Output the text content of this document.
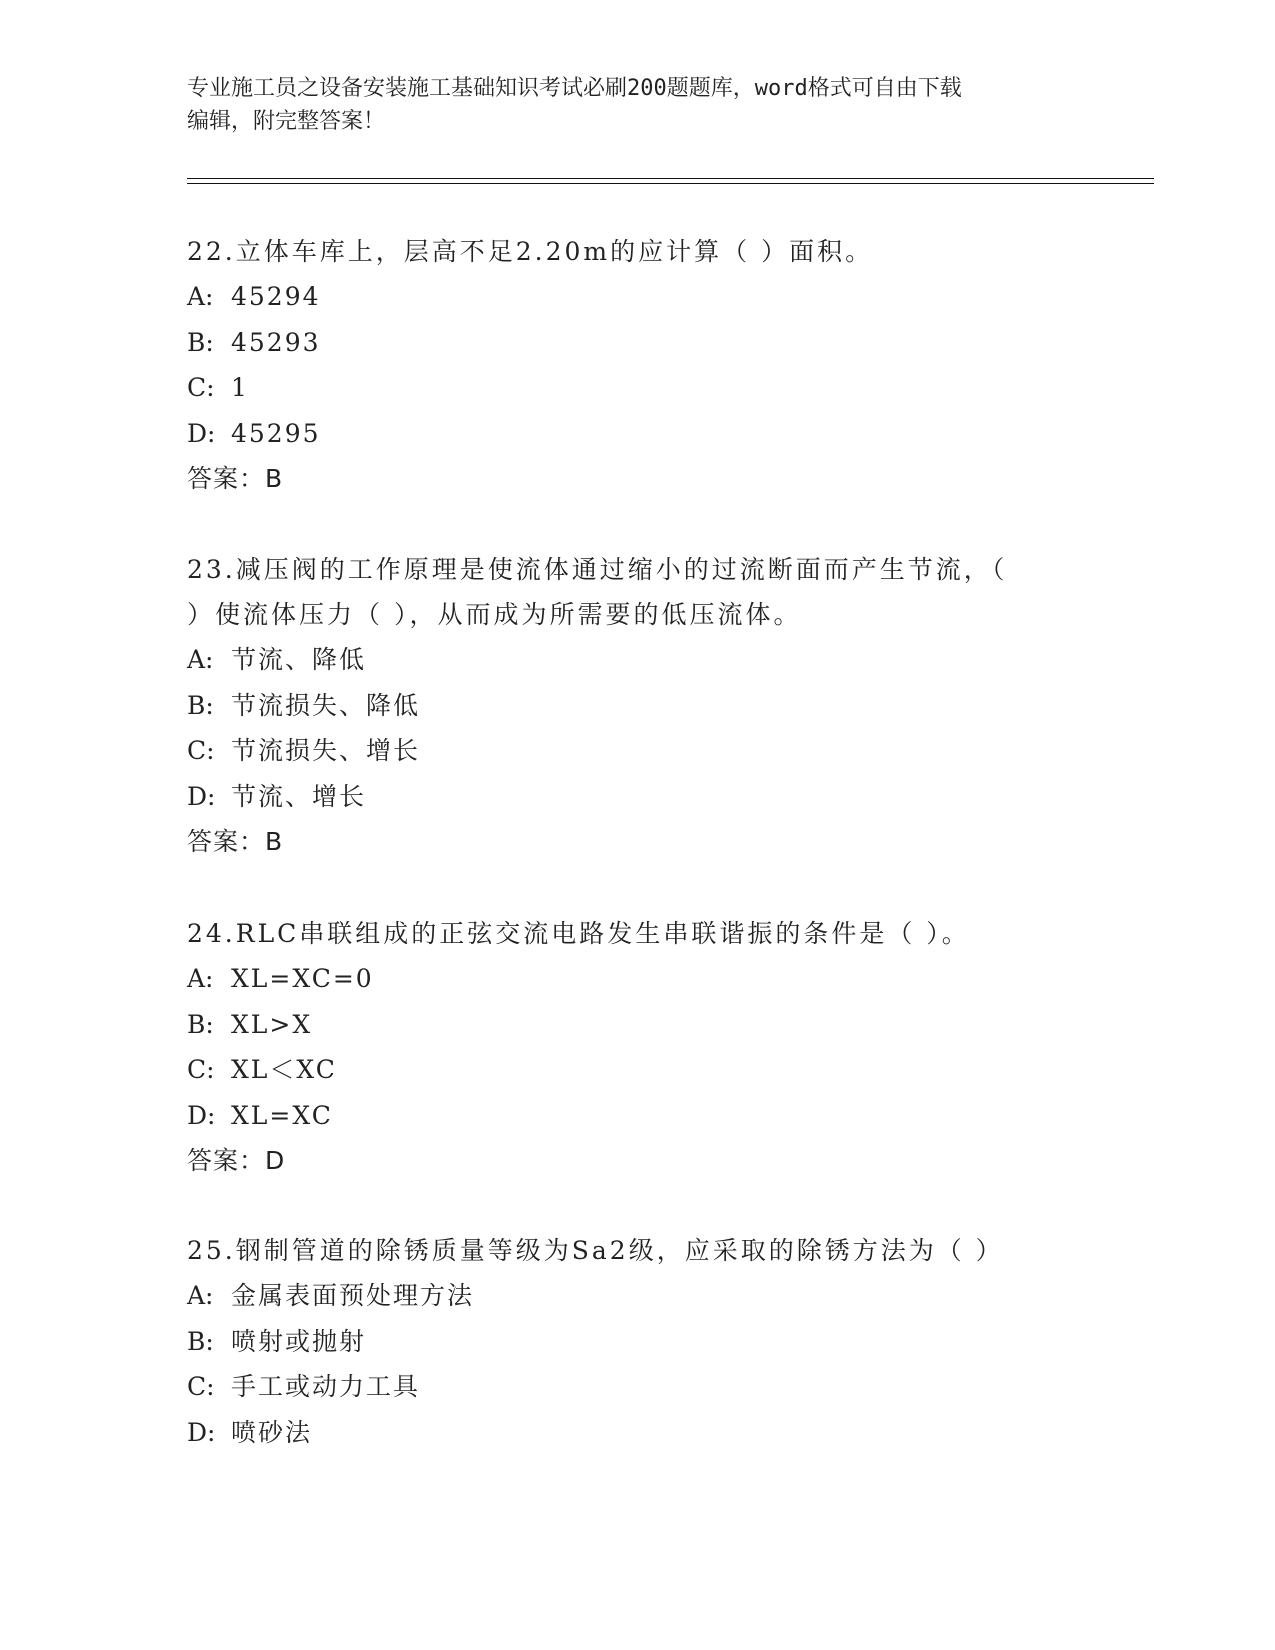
专业施工员之设备安装施工基础知识考试必刷200题题库，word格式可自由下载
编辑，附完整答案！
22.立体车库上，层高不足2.20m的应计算（ ）面积。
A: 45294
B: 45293
C: 1
D: 45295
答案：B
23.减压阀的工作原理是使流体通过缩小的过流断面而产生节流，（
）使流体压力（ ），从而成为所需要的低压流体。
A: 节流、降低
B: 节流损失、降低
C: 节流损失、增长
D: 节流、增长
答案：B
24.RLC串联组成的正弦交流电路发生串联谐振的条件是（ ）。
A: XL=XC=0
B: XL>X
C: XL＜XC
D: XL=XC
答案：D
25.钢制管道的除锈质量等级为Sa2级，应采取的除锈方法为（ ）
A: 金属表面预处理方法
B: 喷射或抛射
C: 手工或动力工具
D: 喷砂法
